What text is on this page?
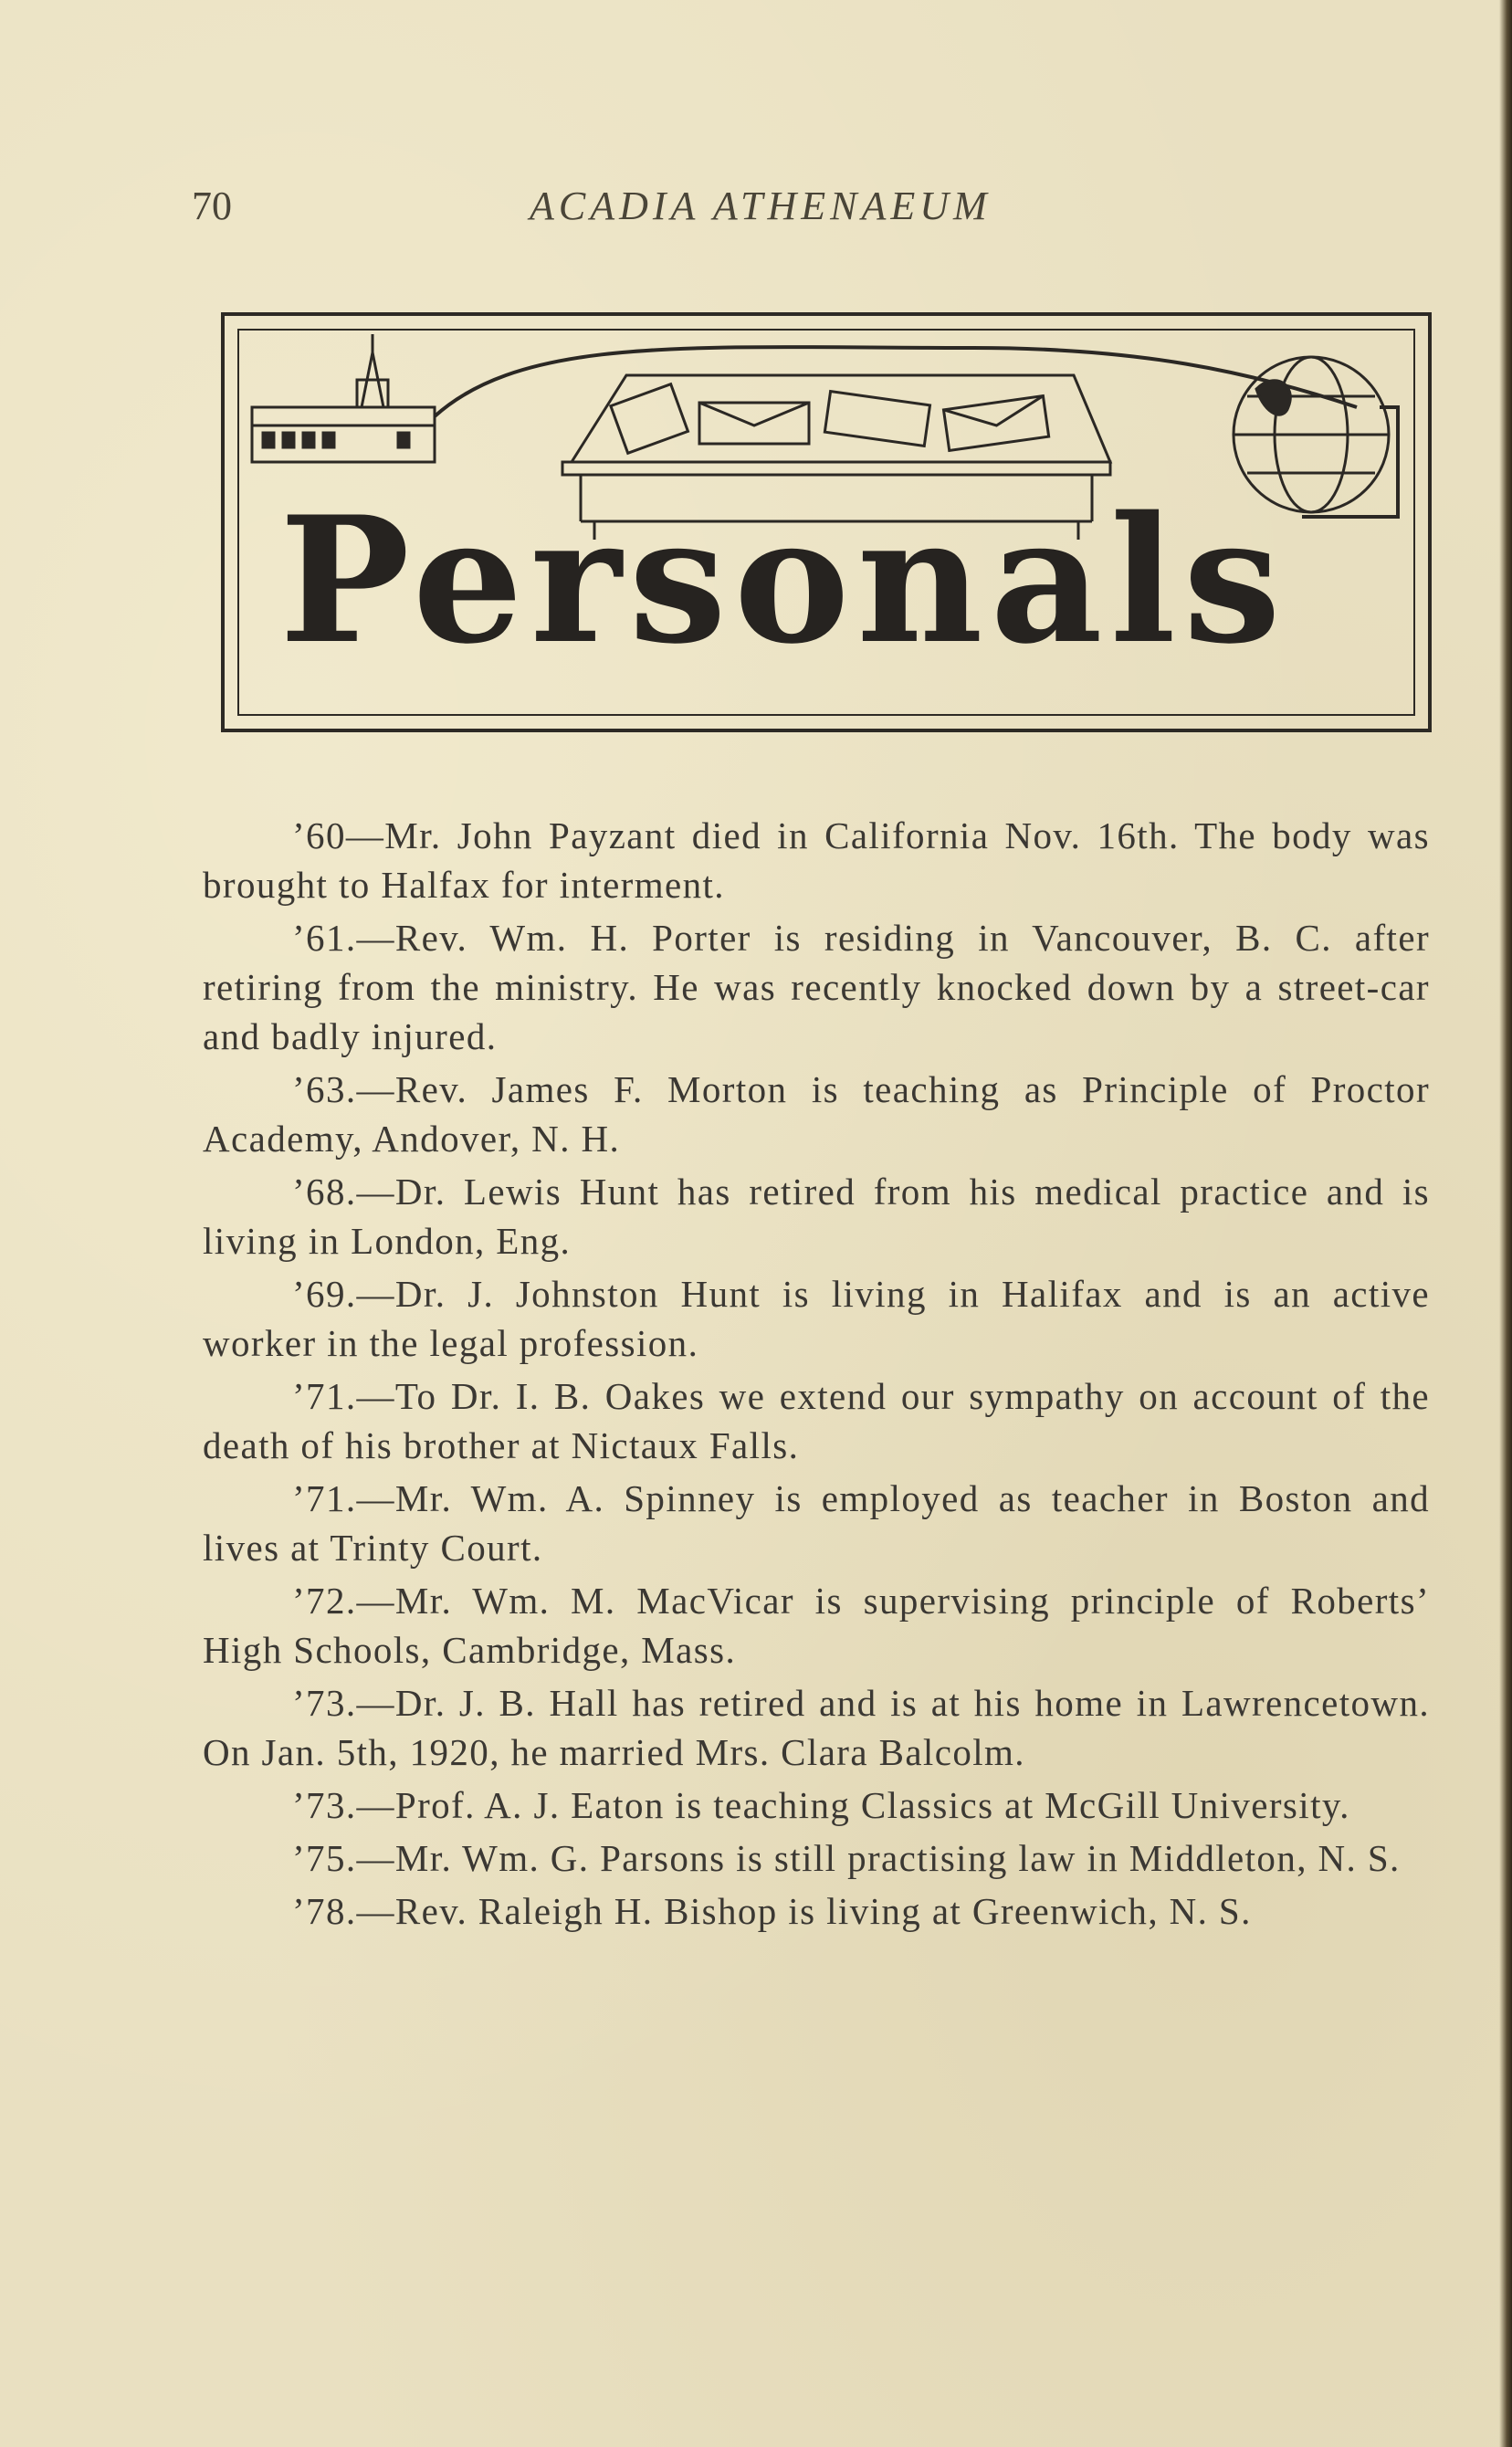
70	ACADIA ATHENAEUM
Personals

’60—Mr. John Payzant died in California Nov. 16th. The body was brought to Halfax for interment.

’61.—Rev. Wm. H. Porter is residing in Vancouver, B. C. after retiring from the ministry. He was recently knocked down by a street-car and badly injured.

’63.—Rev. James F. Morton is teaching as Principle of Proctor Academy, Andover, N. H.

’68.—Dr. Lewis Hunt has retired from his medical practice and is living in London, Eng.

’69.—Dr. J. Johnston Hunt is living in Halifax and is an active worker in the legal profession.

’71.—To Dr. I. B. Oakes we extend our sympathy on account of the death of his brother at Nictaux Falls.

’71.—Mr. Wm. A. Spinney is employed as teacher in Boston and lives at Trinty Court.

’72.—Mr. Wm. M. MacVicar is supervising principle of Roberts’ High Schools, Cambridge, Mass.

’73.—Dr. J. B. Hall has retired and is at his home in Lawrencetown. On Jan. 5th, 1920, he married Mrs. Clara Balcolm.

’73.—Prof. A. J. Eaton is teaching Classics at McGill University.

’75.—Mr. Wm. G. Parsons is still practising law in Middleton, N. S.

’78.—Rev. Raleigh H. Bishop is living at Greenwich, N. S.
